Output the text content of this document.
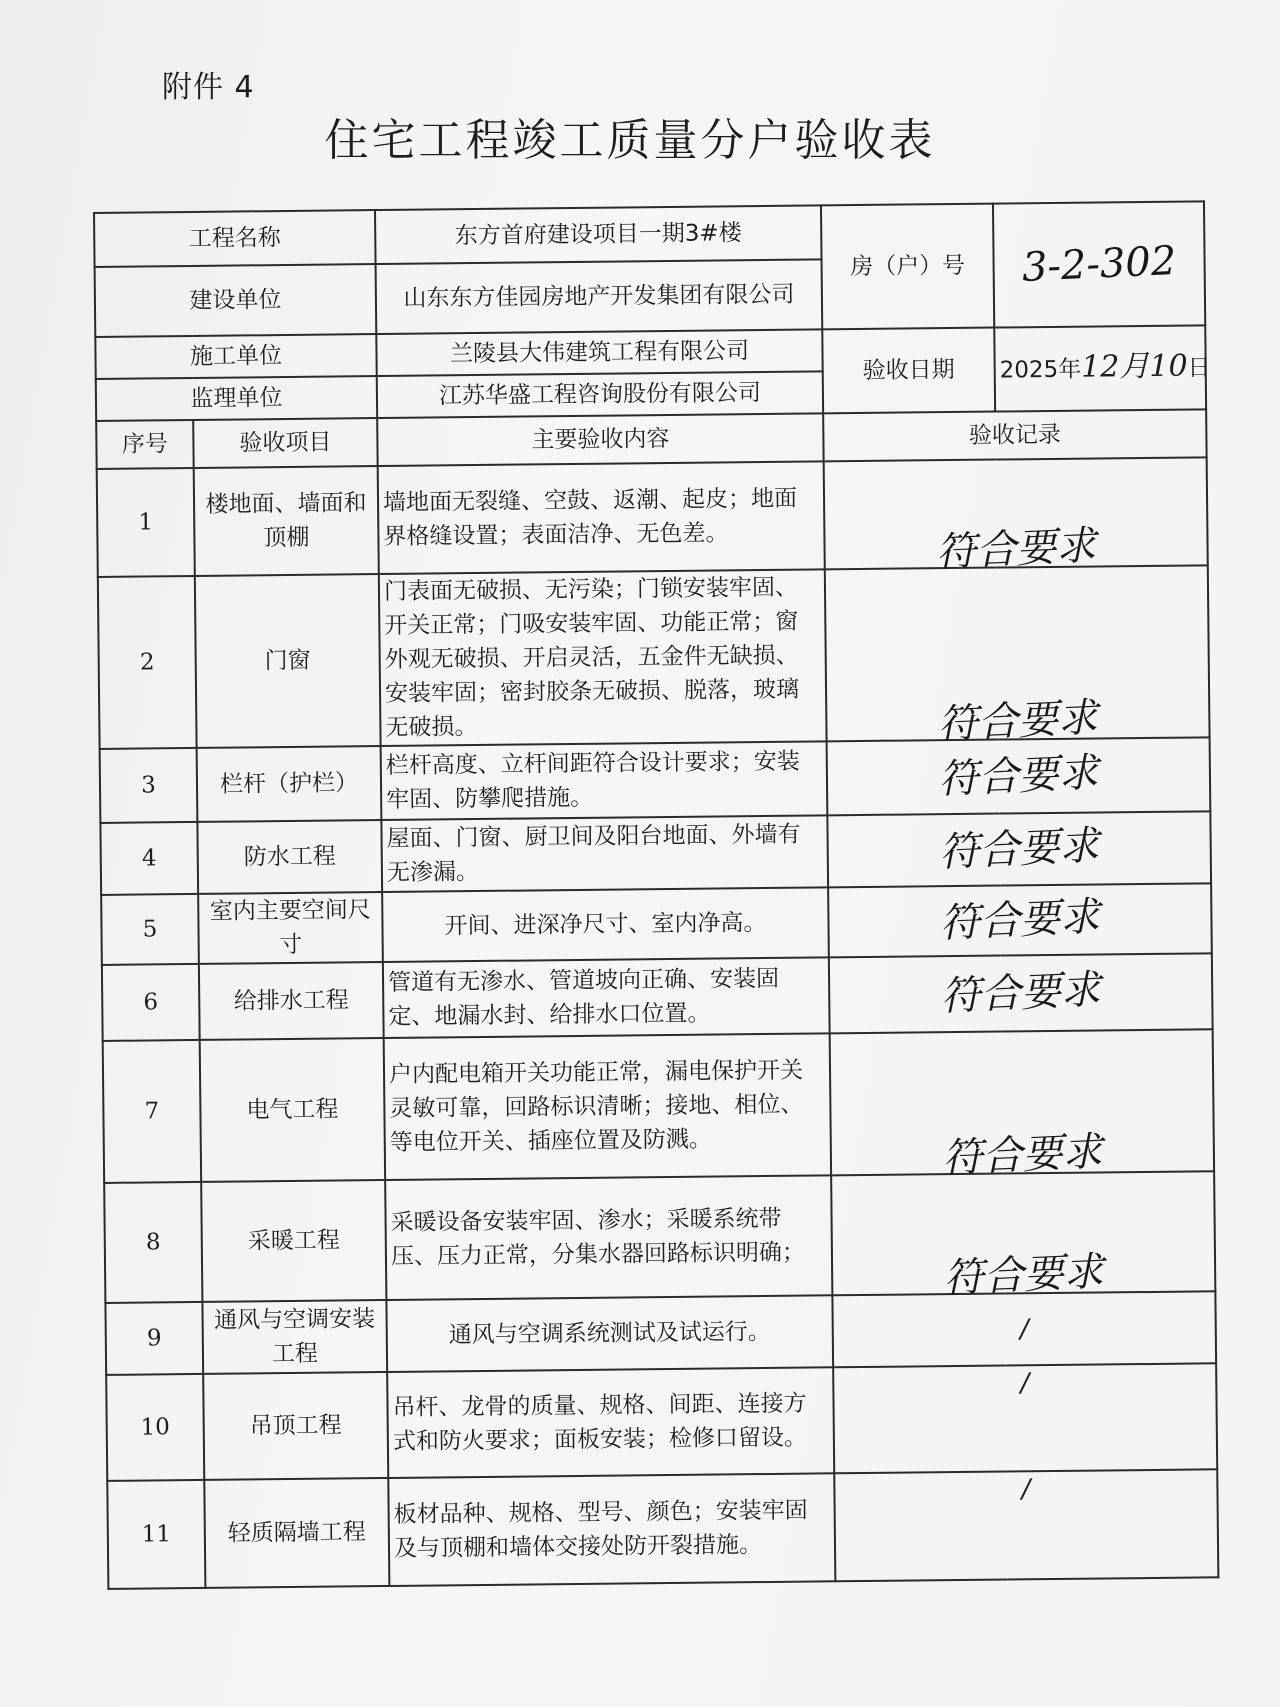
附件 4
住宅工程竣工质量分户验收表
工程名称		东方首府建设项目一期3#楼	房（户）号	3-2-302

建设单位		山东东方佳园房地产开发集团有限公司		
施工单位		兰陵县大伟建筑工程有限公司	验收日期	2025年12月10日
监理单位		江苏华盛工程咨询股份有限公司		
序号	验收项目	主要验收内容	验收记录	
1	楼地面、墙面和顶棚	墙地面无裂缝、空鼓、返潮、起皮；地面界格缝设置；表面洁净、无色差。	符合要求	

2	门窗	门表面无破损、无污染；门锁安装牢固、开关正常；门吸安装牢固、功能正常；窗外观无破损、开启灵活，五金件无缺损、 安装牢固；密封胶条无破损、脱落，玻璃无破损。	符合要求	

3	栏杆（护栏）	栏杆高度、立杆间距符合设计要求；安装牢固、防攀爬措施。	符合要求	

4	防水工程	屋面、门窗、厨卫间及阳台地面、外墙有无渗漏。	符合要求	

5	室内主要空间尺寸	开间、进深净尺寸、室内净高。	符合要求	

6	给排水工程	管道有无渗水、管道坡向正确、安装固定、地漏水封、给排水口位置。	符合要求	

7	电气工程	户内配电箱开关功能正常，漏电保护开关灵敏可靠，回路标识清晰；接地、相位、等电位开关、插座位置及防溅。	符合要求	

8	采暖工程	采暖设备安装牢固、渗水；采暖系统带压、压力正常，分集水器回路标识明确；	符合要求	

9	通风与空调安装工程	通风与空调系统测试及试运行。	/	

10	吊顶工程	吊杆、龙骨的质量、规格、间距、连接方式和防火要求；面板安装；检修口留设。	/	

11	轻质隔墙工程	板材品种、规格、型号、颜色；安装牢固及与顶棚和墙体交接处防开裂措施。	/	
